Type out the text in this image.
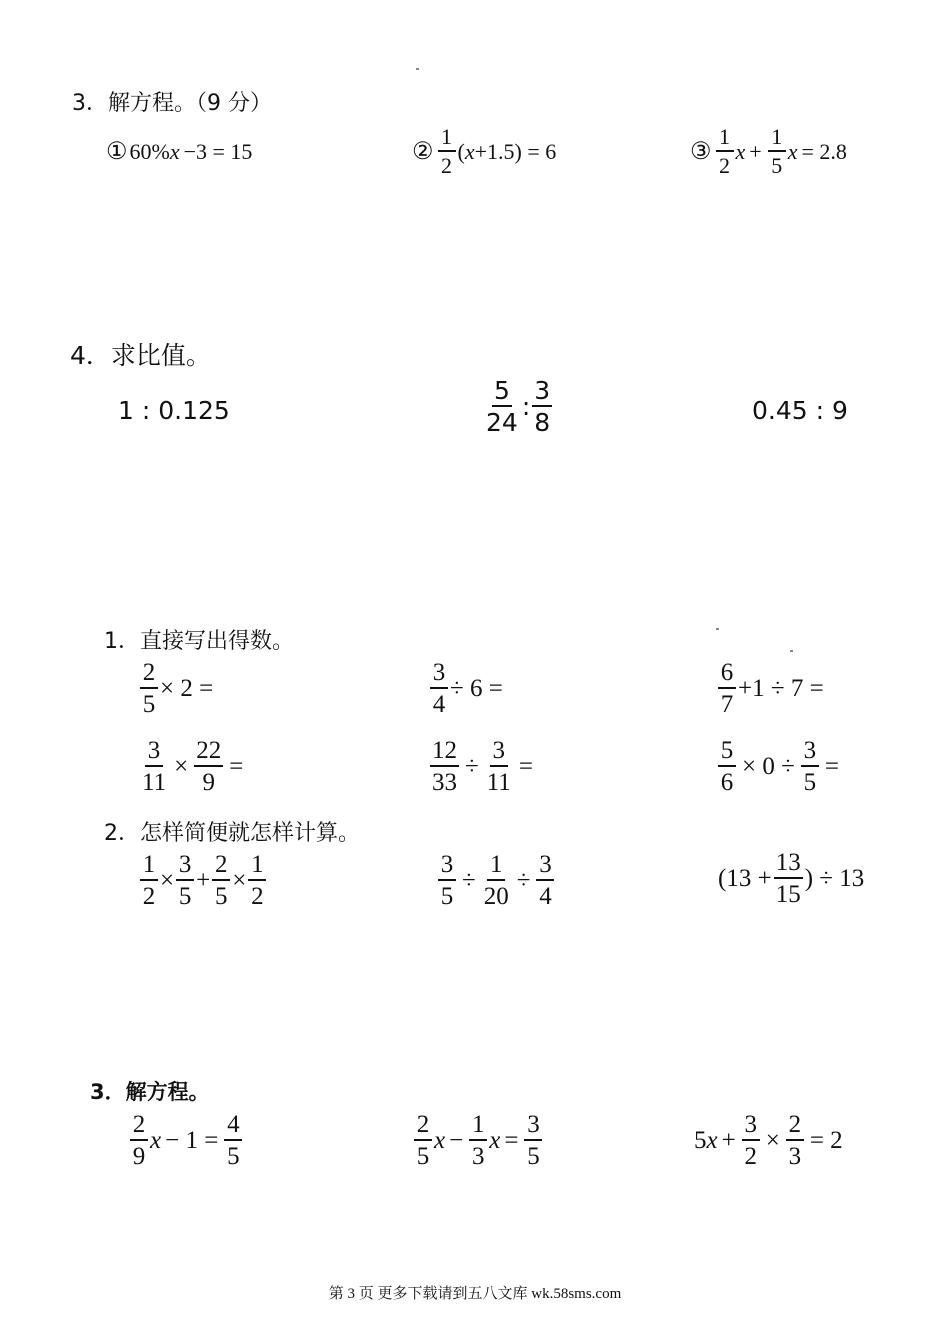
3．解方程。（9 分）
① 60% x −3 = 15	② $\frac{1}{2}$ ( x +1.5) = 6	③ $\frac{1}{2}$ $x + \frac{1}{5}$ x = 2.8
4．求比值。
1 : 0.125	$\frac{5}{24}$ : $\frac{3}{8}$	0.45 : 9
1．直接写出得数。
$\frac{2}{5} \times 2$ =	$\frac{3}{4} \div 6$ =	$\frac{6}{7} +1 \div 7$ =
$\frac{3}{11} \times \frac{22}{9}$ =	$\frac{12}{33} \div \frac{3}{11}$ =	$\frac{5}{6} \times 0 \div \frac{3}{5}$ =
2．怎样简便就怎样计算。
$\frac{1}{2} \times \frac{3}{5} + \frac{2}{5} \times \frac{1}{2}$	$\frac{3}{5} \div \frac{1}{20} \div \frac{3}{4}$	($13 + \frac{13}{15}$ ) ÷ 13
3．解方程。
$\frac{2}{9}$ $x - 1 = \frac{4}{5}$	$\frac{2}{5}$ $x - \frac{1}{3}$ $x = \frac{3}{5}$	5 $x + \frac{3}{2} \times \frac{2}{3} = 2$
第 3 页 更多下载请到五八文库 wk.58sms.com
